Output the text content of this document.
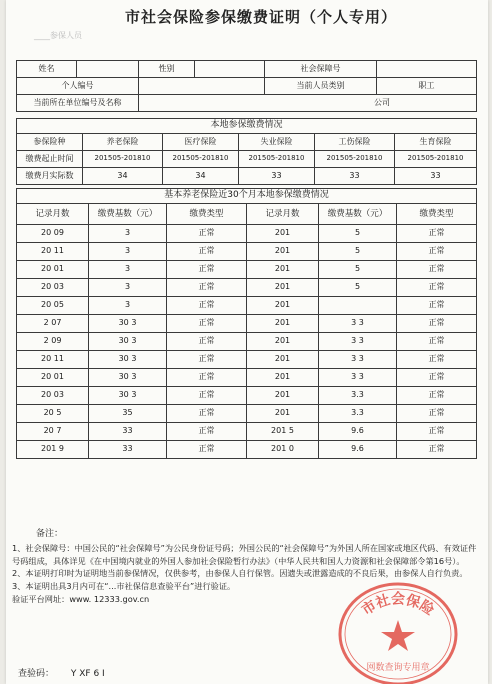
市社会保险参保缴费证明（个人专用）
____参保人员
姓名		性别		社会保障号	
个人编号				当前人员类别	职工
当前所在单位编号及名称		公司			
本地参保缴费情况					
参保险种	养老保险	医疗保险	失业保险	工伤保险	生育保险
缴费起止时间	201505-201810	201505-201810	201505-201810	201505-201810	201505-201810
缴费月实际数	34	34	33	33	33
基本养老保险近30个月本地参保缴费情况					
记录月数	缴费基数（元）	缴费类型	记录月数	缴费基数（元）	缴费类型
20 09	3	正常	201	5	正常
20 11	3	正常	201	5	正常
20 01	3	正常	201	5	正常
20 03	3	正常	201	5	正常
20 05	3	正常	201		正常
2 07	30 3	正常	201	3 3	正常
2 09	30 3	正常	201	3 3	正常
20 11	30 3	正常	201	3 3	正常
20 01	30 3	正常	201	3 3	正常
20 03	30 3	正常	201	3.3	正常
20 5	35	正常	201	3.3	正常
20 7	33	正常	201 5	9.6	正常
201 9	33	正常	201 0	9.6	正常

备注：

1、社会保障号：中国公民的“社会保障号”为公民身份证号码；外国公民的“社会保障号”为外国人所在国家或地区代码、有效证件号码组成，具体详见《在中国境内就业的外国人参加社会保险暂行办法》（中华人民共和国人力资源和社会保障部令第16号）。

2、本证明打印时为证明地当前参保情况，仅供参考，由参保人自行保管。因遗失或泄露造成的不良后果，由参保人自行负责。

3、本证明出具3月内可在“...市社保信息查验平台”进行验证。

验证平台网址：www. 12333.gov.cn

查验码： Y XF 6 I
市社会保险
网数查询专用章
